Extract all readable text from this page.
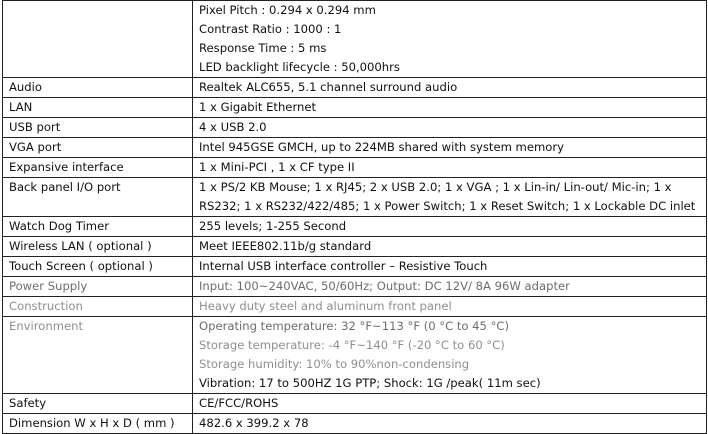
	Pixel Pitch : 0.294 x 0.294 mm
Contrast Ratio : 1000 : 1
Response Time : 5 ms
LED backlight lifecycle : 50,000hrs

Audio	Realtek ALC655, 5.1 channel surround audio
LAN	1 x Gigabit Ethernet
USB port	4 x USB 2.0
VGA port	Intel 945GSE GMCH, up to 224MB shared with system memory
Expansive interface	1 x Mini-PCI , 1 x CF type II
Back panel I/O port	1 x PS/2 KB Mouse; 1 x RJ45; 2 x USB 2.0; 1 x VGA ; 1 x Lin-in/ Lin-out/ Mic-in; 1 x
RS232; 1 x RS232/422/485; 1 x Power Switch; 1 x Reset Switch; 1 x Lockable DC inlet

Watch Dog Timer	255 levels; 1-255 Second
Wireless LAN ( optional )	Meet IEEE802.11b/g standard
Touch Screen ( optional )	Internal USB interface controller – Resistive Touch
Power Supply	Input: 100~240VAC, 50/60Hz; Output: DC 12V/ 8A 96W adapter
Construction	Heavy duty steel and aluminum front panel
Environment	Operating temperature: 32 °F~113 °F (0 °C to 45 °C)
Storage temperature: -4 °F~140 °F (-20 °C to 60 °C)
Storage humidity: 10% to 90%non-condensing
Vibration: 17 to 500HZ 1G PTP; Shock: 1G /peak( 11m sec)

Safety	CE/FCC/ROHS
Dimension W x H x D ( mm )	482.6 x 399.2 x 78
